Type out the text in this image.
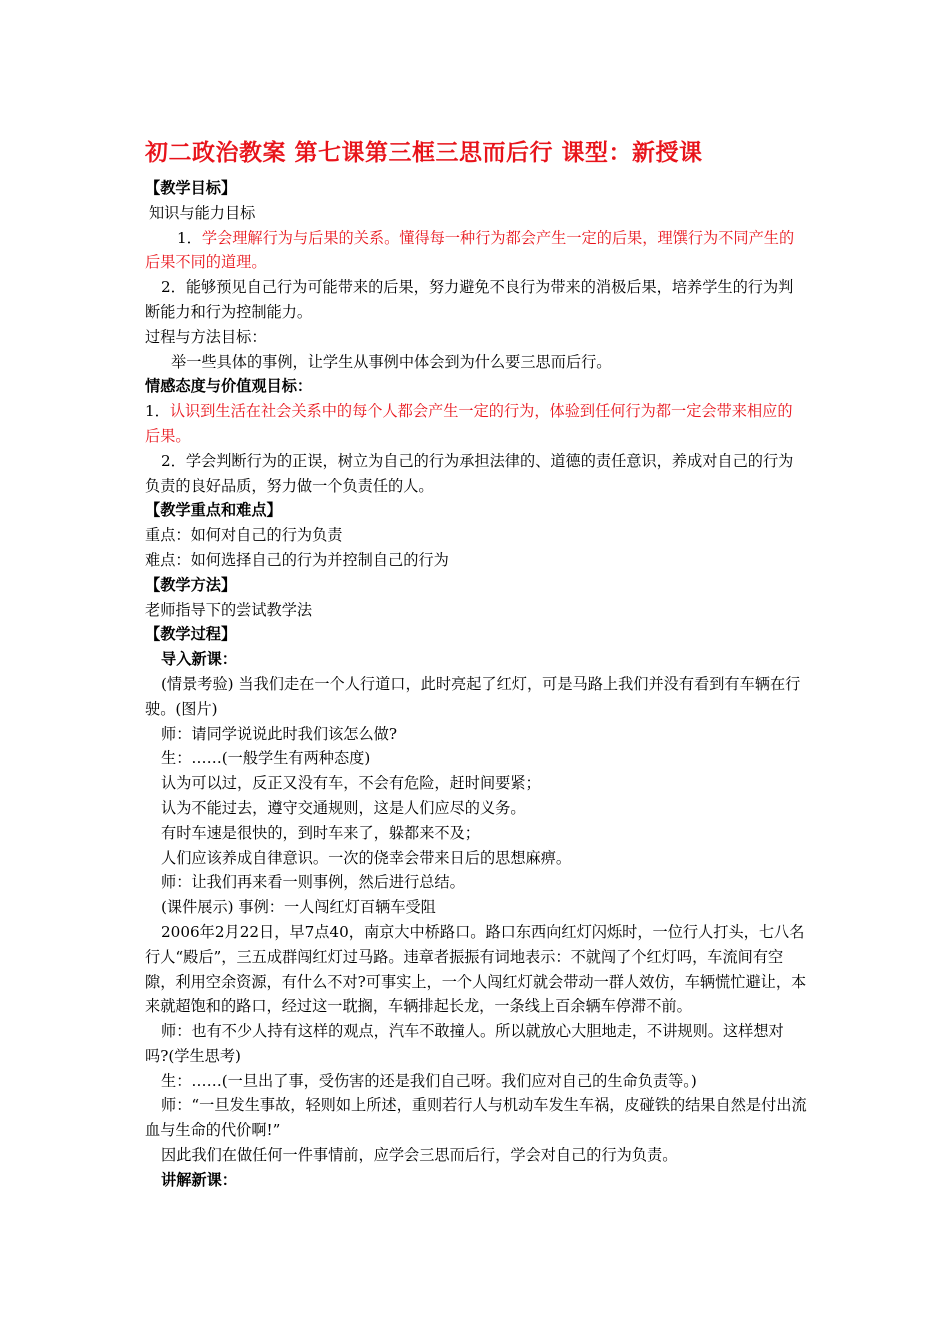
初二政治教案 第七课第三框三思而后行 课型：新授课

【教学目标】

知识与能力目标

1．学会理解行为与后果的关系。懂得每一种行为都会产生一定的后果，理馔行为不同产生的后果不同的道理。

2．能够预见自己行为可能带来的后果，努力避免不良行为带来的消极后果，培养学生的行为判断能力和行为控制能力。

过程与方法目标：

举一些具体的事例，让学生从事例中体会到为什么要三思而后行。

情感态度与价值观目标：

1．认识到生活在社会关系中的每个人都会产生一定的行为，体验到任何行为都一定会带来相应的后果。

2．学会判断行为的正误，树立为自己的行为承担法律的、道德的责任意识，养成对自己的行为负责的良好品质，努力做一个负责任的人。

【教学重点和难点】

重点：如何对自己的行为负责

难点：如何选择自己的行为并控制自己的行为

【教学方法】

老师指导下的尝试教学法

【教学过程】

导入新课：

(情景考验) 当我们走在一个人行道口，此时亮起了红灯，可是马路上我们并没有看到有车辆在行驶。(图片)

师：请同学说说此时我们该怎么做?

生：……(一般学生有两种态度)

认为可以过，反正又没有车，不会有危险，赶时间要紧；

认为不能过去，遵守交通规则，这是人们应尽的义务。

有时车速是很快的，到时车来了，躲都来不及；

人们应该养成自律意识。一次的侥幸会带来日后的思想麻痹。

师：让我们再来看一则事例，然后进行总结。

(课件展示) 事例：一人闯红灯百辆车受阻

2006年2月22日，早7点40，南京大中桥路口。路口东西向红灯闪烁时，一位行人打头，七八名行人“殿后”，三五成群闯红灯过马路。违章者振振有词地表示：不就闯了个红灯吗，车流间有空隙，利用空余资源，有什么不对?可事实上，一个人闯红灯就会带动一群人效仿，车辆慌忙避让，本来就超饱和的路口，经过这一耽搁，车辆排起长龙，一条线上百余辆车停滞不前。

师：也有不少人持有这样的观点，汽车不敢撞人。所以就放心大胆地走，不讲规则。这样想对吗?(学生思考)

生：……(一旦出了事，受伤害的还是我们自己呀。我们应对自己的生命负责等。)

师：“一旦发生事故，轻则如上所述，重则若行人与机动车发生车祸，皮碰铁的结果自然是付出流血与生命的代价啊!”

因此我们在做任何一件事情前，应学会三思而后行，学会对自己的行为负责。

讲解新课：
